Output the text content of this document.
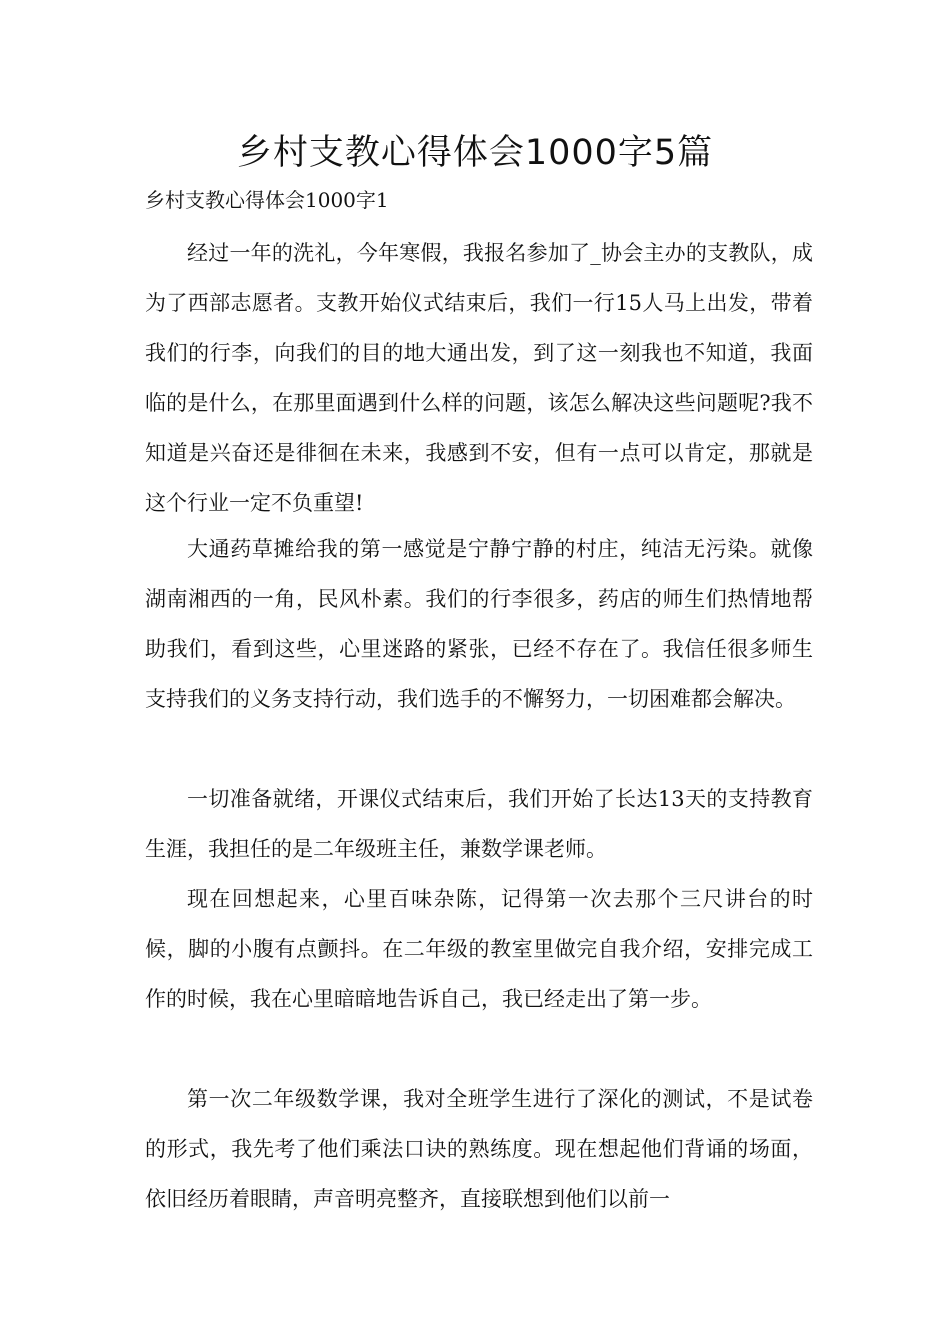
乡村支教心得体会1000字5篇

乡村支教心得体会1000字1

经过一年的洗礼，今年寒假，我报名参加了_协会主办的支教队，成为了西部志愿者。支教开始仪式结束后，我们一行15人马上出发，带着我们的行李，向我们的目的地大通出发，到了这一刻我也不知道，我面临的是什么，在那里面遇到什么样的问题，该怎么解决这些问题呢?我不知道是兴奋还是徘徊在未来，我感到不安，但有一点可以肯定，那就是这个行业一定不负重望!

大通药草摊给我的第一感觉是宁静宁静的村庄，纯洁无污染。就像湖南湘西的一角，民风朴素。我们的行李很多，药店的师生们热情地帮助我们，看到这些，心里迷路的紧张，已经不存在了。我信任很多师生支持我们的义务支持行动，我们选手的不懈努力，一切困难都会解决。

一切准备就绪，开课仪式结束后，我们开始了长达13天的支持教育生涯，我担任的是二年级班主任，兼数学课老师。

现在回想起来，心里百味杂陈，记得第一次去那个三尺讲台的时候，脚的小腹有点颤抖。在二年级的教室里做完自我介绍，安排完成工作的时候，我在心里暗暗地告诉自己，我已经走出了第一步。

第一次二年级数学课，我对全班学生进行了深化的测试，不是试卷的形式，我先考了他们乘法口诀的熟练度。现在想起他们背诵的场面，依旧经历着眼睛，声音明亮整齐，直接联想到他们以前一
